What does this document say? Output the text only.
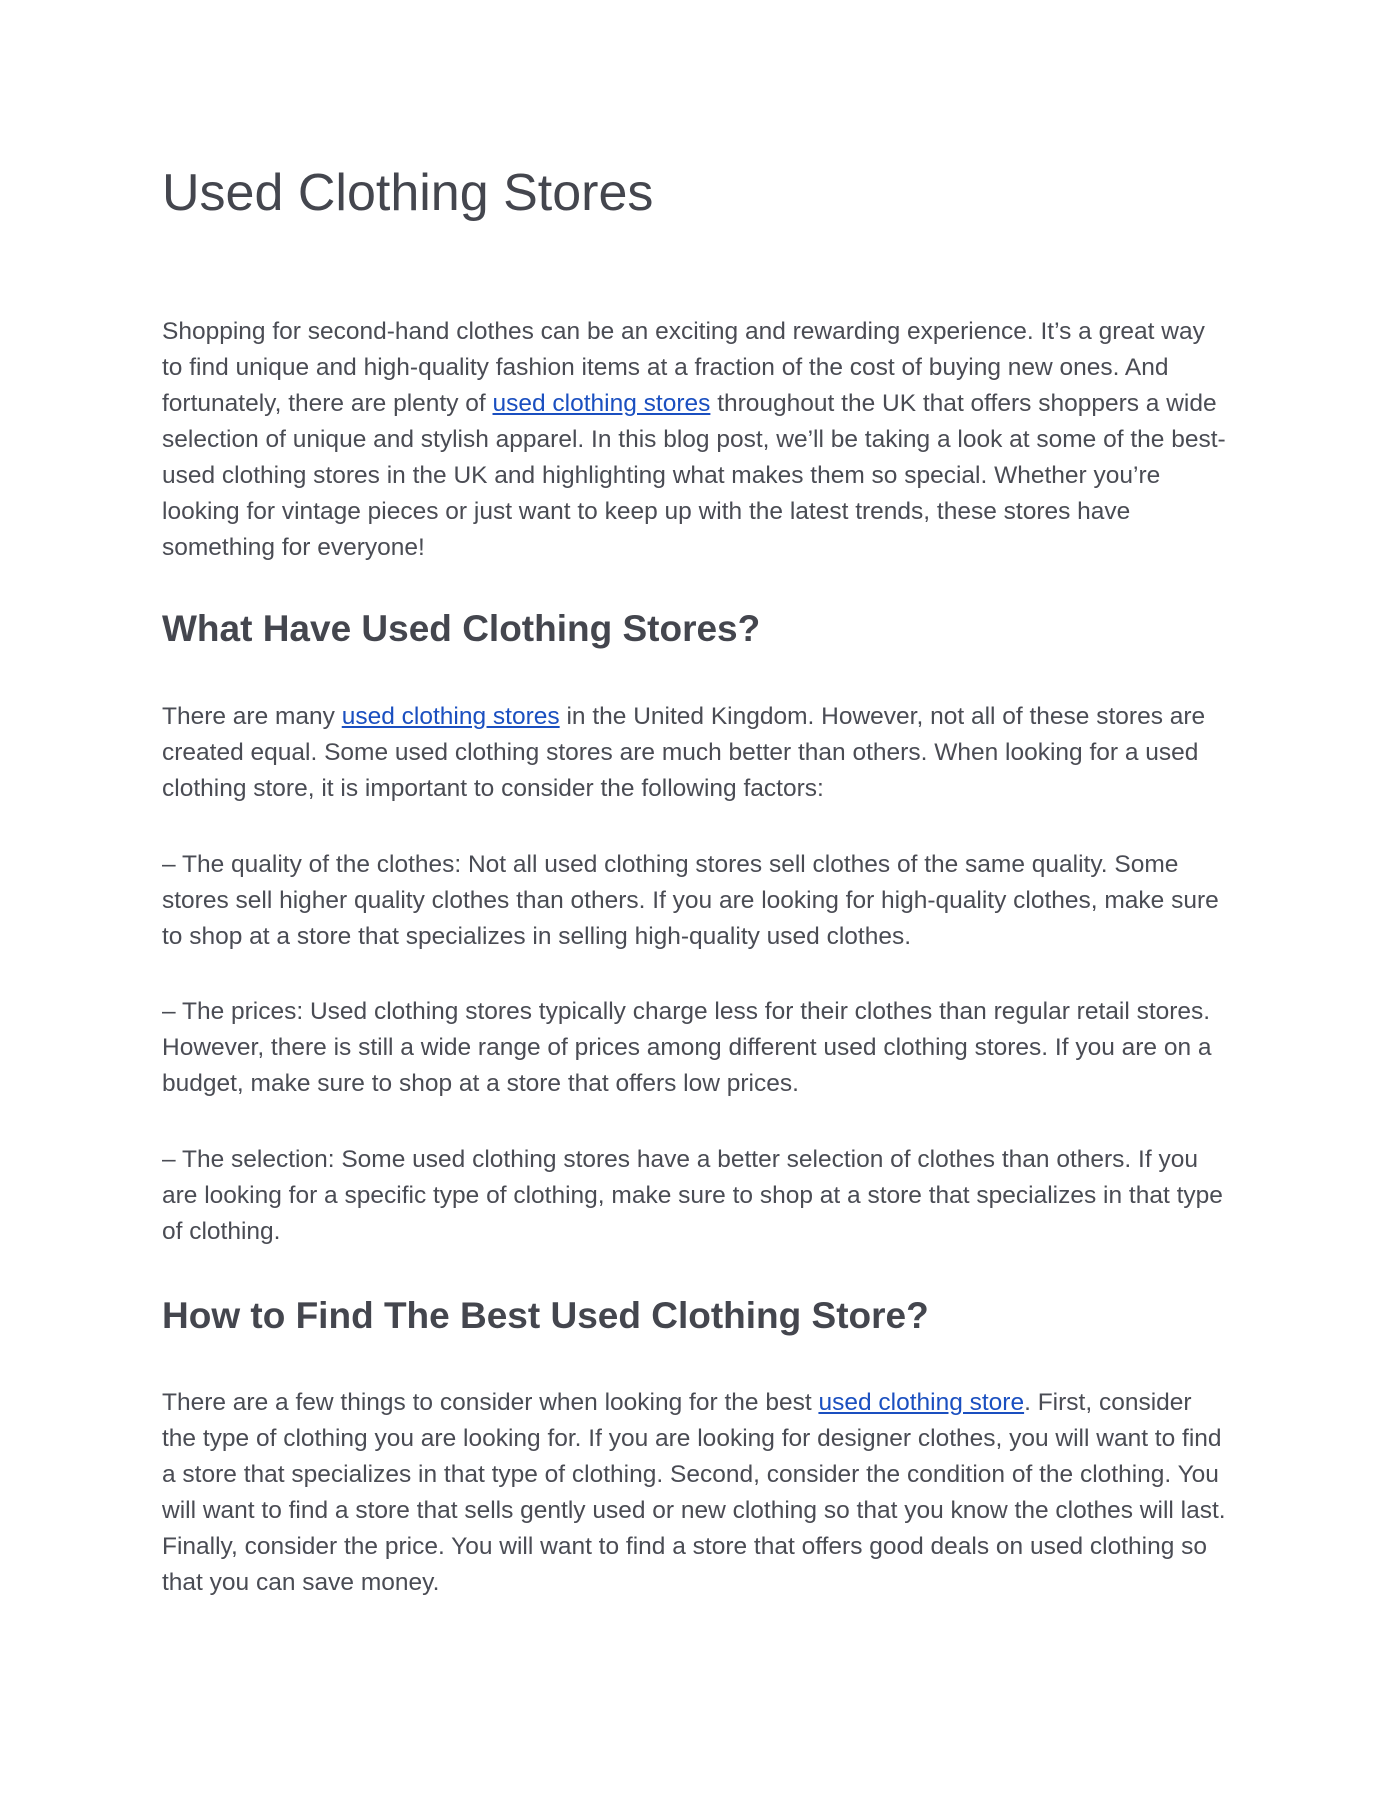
Used Clothing Stores

Shopping for second-hand clothes can be an exciting and rewarding experience. It’s a great way to find unique and high-quality fashion items at a fraction of the cost of buying new ones. And fortunately, there are plenty of used clothing stores throughout the UK that offers shoppers a wide selection of unique and stylish apparel. In this blog post, we’ll be taking a look at some of the best-used clothing stores in the UK and highlighting what makes them so special. Whether you’re looking for vintage pieces or just want to keep up with the latest trends, these stores have something for everyone!

What Have Used Clothing Stores?

There are many used clothing stores in the United Kingdom. However, not all of these stores are created equal. Some used clothing stores are much better than others. When looking for a used clothing store, it is important to consider the following factors:

– The quality of the clothes: Not all used clothing stores sell clothes of the same quality. Some stores sell higher quality clothes than others. If you are looking for high-quality clothes, make sure to shop at a store that specializes in selling high-quality used clothes.

– The prices: Used clothing stores typically charge less for their clothes than regular retail stores. However, there is still a wide range of prices among different used clothing stores. If you are on a budget, make sure to shop at a store that offers low prices.

– The selection: Some used clothing stores have a better selection of clothes than others. If you are looking for a specific type of clothing, make sure to shop at a store that specializes in that type of clothing.

How to Find The Best Used Clothing Store?

There are a few things to consider when looking for the best used clothing store. First, consider the type of clothing you are looking for. If you are looking for designer clothes, you will want to find a store that specializes in that type of clothing. Second, consider the condition of the clothing. You will want to find a store that sells gently used or new clothing so that you know the clothes will last. Finally, consider the price. You will want to find a store that offers good deals on used clothing so that you can save money.
